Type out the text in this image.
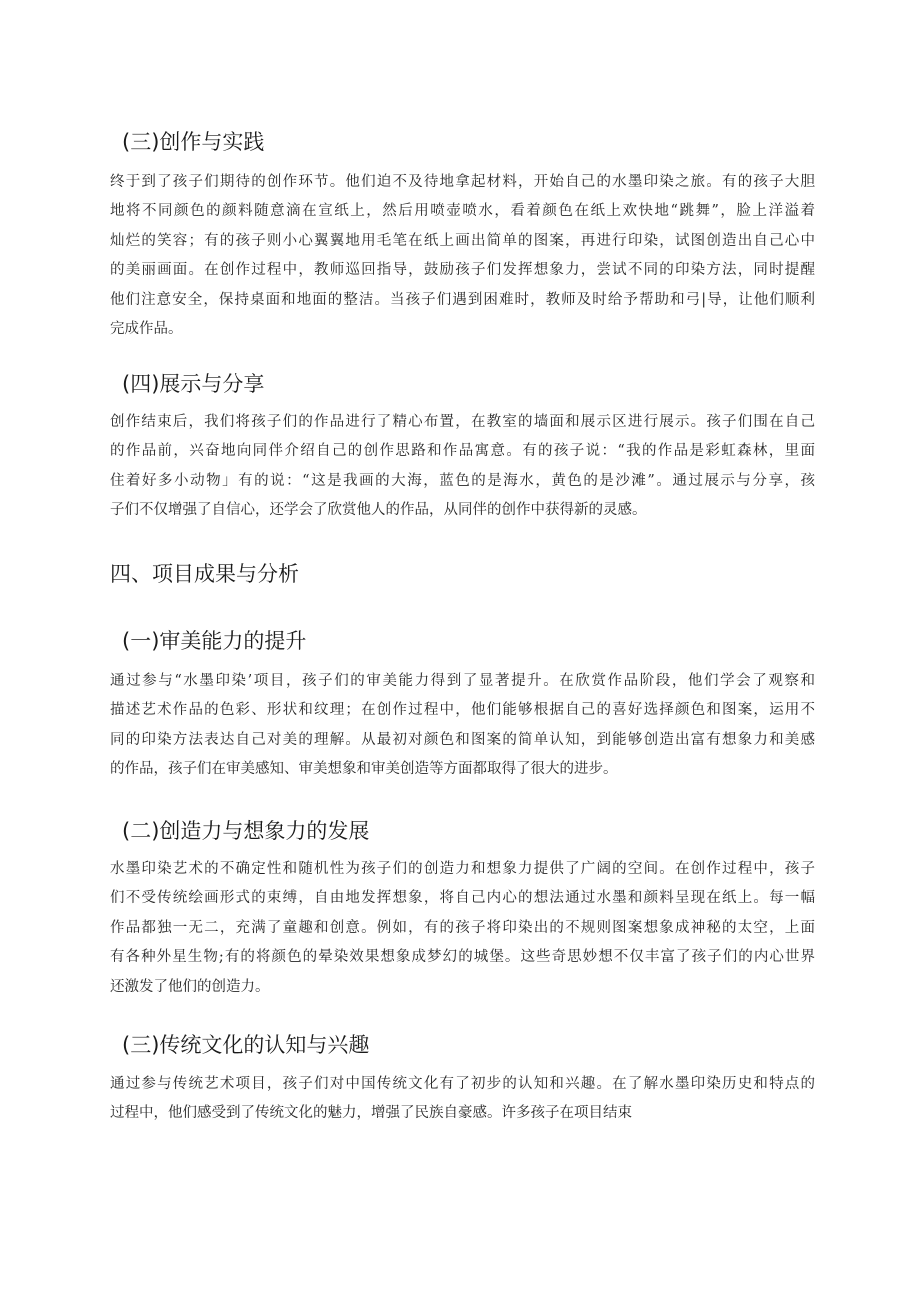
(三)创作与实践
终于到了孩子们期待的创作环节。他们迫不及待地拿起材料，开始自己的水墨印染之旅。有的孩子大胆
地将不同颜色的颜料随意滴在宣纸上，然后用喷壶喷水，看着颜色在纸上欢快地“跳舞”，脸上洋溢着
灿烂的笑容；有的孩子则小心翼翼地用毛笔在纸上画出简单的图案，再进行印染，试图创造出自己心中
的美丽画面。在创作过程中，教师巡回指导，鼓励孩子们发挥想象力，尝试不同的印染方法，同时提醒
他们注意安全，保持桌面和地面的整洁。当孩子们遇到困难时，教师及时给予帮助和弓|导，让他们顺利
完成作品。
(四)展示与分享
创作结束后，我们将孩子们的作品进行了精心布置，在教室的墙面和展示区进行展示。孩子们围在自己
的作品前，兴奋地向同伴介绍自己的创作思路和作品寓意。有的孩子说：“我的作品是彩虹森林，里面
住着好多小动物」有的说：“这是我画的大海，蓝色的是海水，黄色的是沙滩”。通过展示与分享，孩
子们不仅增强了自信心，还学会了欣赏他人的作品，从同伴的创作中获得新的灵感。
四、项目成果与分析
(一)审美能力的提升
通过参与“水墨印染’项目，孩子们的审美能力得到了显著提升。在欣赏作品阶段，他们学会了观察和
描述艺术作品的色彩、形状和纹理；在创作过程中，他们能够根据自己的喜好选择颜色和图案，运用不
同的印染方法表达自己对美的理解。从最初对颜色和图案的简单认知，到能够创造出富有想象力和美感
的作品，孩子们在审美感知、审美想象和审美创造等方面都取得了很大的进步。
(二)创造力与想象力的发展
水墨印染艺术的不确定性和随机性为孩子们的创造力和想象力提供了广阔的空间。在创作过程中，孩子
们不受传统绘画形式的束缚，自由地发挥想象，将自己内心的想法通过水墨和颜料呈现在纸上。每一幅
作品都独一无二，充满了童趣和创意。例如，有的孩子将印染出的不规则图案想象成神秘的太空，上面
有各种外星生物;有的将颜色的晕染效果想象成梦幻的城堡。这些奇思妙想不仅丰富了孩子们的内心世界
还激发了他们的创造力。
(三)传统文化的认知与兴趣
通过参与传统艺术项目，孩子们对中国传统文化有了初步的认知和兴趣。在了解水墨印染历史和特点的
过程中，他们感受到了传统文化的魅力，增强了民族自豪感。许多孩子在项目结束
